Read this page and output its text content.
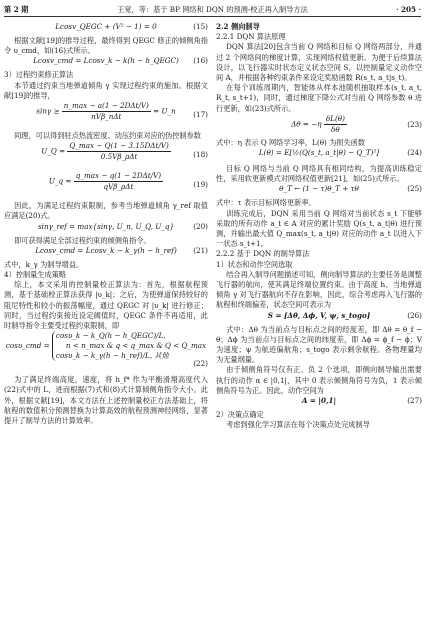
第 2 期	王宽，等：基于 BP 网络和 DQN 的预测-校正再入制导方法	· 205 ·
Lcosv_QEGC + (V² − 1) = 0	(15)

根据文献[19]的推导过程，最终得到 QEGC 修正的倾侧角指令 υ_cmd，如(16)式所示。

Lcosv_cmd = Lcosv_k − k(h − h_QEGC) (16)

3）过程约束修正算法

本节通过约束当地弹道倾角 γ 实现过程约束的施加。根据文献[19]的推导，

$\sin\gamma \ge \frac{\text{n\_max − a(1 − 2DΔt/V)}}{\text{nVβ\_nΔt}}$ = U_n (17)

同理，可以得到驻点热流密度、动压约束对应的伪控制参数

U_Q = $\frac{\text{Q\_max − Q(1 − 3.15DΔt/V)}}{\text{0.5Vβ\_ρΔt}}$	(18)
U_q = $\frac{\text{q\_max − q(1 − 2DΔt/V)}}{\text{qVβ\_ρΔt}}$	(19)

因此，为满足过程约束限制，参考当地弹道倾角 γ_ref 取值应满足(20)式。

sinγ_ref = max{sinγ, U_n, U_Q, U_q}	(20)

即可获得满足全部过程约束的倾侧角指令。

Lcosv_cmd = Lcosv_k − k_γ(h − h_ref) (21)

式中，k_γ 为制导增益。

4）控制量生成策略

综上，本文采用的控制量校正算法为：首先，根据航程预测，基于基础校正算法获得 |υ_k|；之后，为使弹道保持较好的阻尼特性和较小的振荡幅度，通过 QEGC 对 |υ_k| 进行修正；同时，当过程约束接近设定阈值时，QEGC 条件不再适用，此时制导指令主要受过程约束限制，即

cosυ_cmd =
cosυ_k − k_Q(h − h_QEGC)/L,
n < n_max & q < q_max & Q < Q_max
cosυ_k − k_γ(h − h_ref)/L, 其他
(22)

为了满足终端高度，速度，将 h_f* 作为平衡滑翔高度代入(22)式中的 L，进而根据(7)式和(8)式计算倾侧角指令大小。此外，根据文献[19]，本文方法在上述控制量校正方法基础上，将航程的数值积分预测替换为计算高效的航程预测神经网络，显著提升了制导方法的计算效率。

2.2 侧向制导

2.2.1 DQN 算法原理

DQN 算法[20]包含当前 Q 网络和目标 Q 网络两部分，并通过 2 个网络间的梯度计算，实现网络权值更新。为便于后续算法设计，以飞行器实时状态定义状态空间 S，以控制量定义动作空间 A，并根据各种约束条件来设定奖励函数 R(s_t, a_t|s_t)。

在每个训练周期内，智能体从样本池随机抽取样本(s_t, a_t, R_t, s_t+1)，同时，通过梯度下降公式对当前 Q 网络参数 θ 进行更新，如(23)式所示。

$\Delta\theta = -\eta \frac{\delta L(\theta)}{\delta\theta}$	(23)

式中：η 表示 Q 网络学习率，L(θ) 为损失函数

L(θ) = E[½(Q(s_t, a_t|θ) − Q_T)²]	(24)

目标 Q 网络与当前 Q 网络具有相同结构，为提高训练稳定性，采用软更新模式对网络权值更新[21]，如(25)式所示。

θ_T ← (1 − τ)θ_T + τθ	(25)

式中：τ 表示目标网络更新率。

训练完成后，DQN 采用当前 Q 网络对当前状态 s_t 下能够采取的所有动作 a_t ∈ A 对应的累计奖励 Q(s_t, a_t|θ) 进行预测，并输出最大值 Q_max(s_t, a_t|θ) 对应的动作 a_t 以进入下一状态 s_t+1。

2.2.2 基于 DQN 的制导算法

1）状态和动作空间选取

结合再入制导问题描述可知，侧向制导算法的主要任务是调整飞行器的航向，使其满足终端位置约束。由于高度 h、当地弹道倾角 γ 对飞行器航向不存在影响，因此，综合考虑再入飞行器的航程和终端偏差，状态空间可表示为

S = [Δθ, Δϕ, V, ψ, s_togo]	(26)

式中：Δθ 为当前点与目标点之间的经度差，即 Δθ = θ_f − θ；Δϕ 为当前点与目标点之间的纬度差，即 Δϕ = ϕ_f − ϕ；V 为速度；ψ 为航迹偏航角；s_togo 表示剩余航程。各物理量均为无量纲量。

由于倾侧角符号仅有正、负 2 个选项，即侧向制导输出需要执行的动作 α ∈ |0,1|，其中 0 表示倾侧角符号为负，1 表示倾侧角符号为正。因此，动作空间为

A = |0,1|	(27)

2）决策点确定

考虑到强化学习算法在每个决策点处完成制导
